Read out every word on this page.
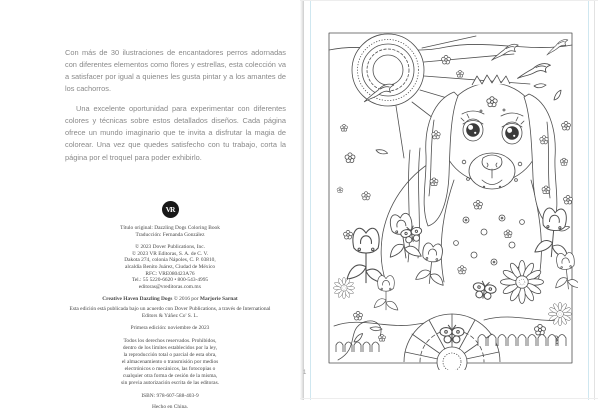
Con más de 30 ilustraciones de encantadores perros adornadas con diferentes elementos como flores y estrellas, esta colección va a satisfacer por igual a quienes les gusta pintar y a los amantes de los cachorros.

Una excelente oportunidad para experimentar con diferentes colores y técnicas sobre estos detallados diseños. Cada página ofrece un mundo imaginario que te invita a disfrutar la magia de colorear. Una vez que quedes satisfecho con tu trabajo, corta la página por el troquel para poder exhibirlo.

VR
Título original: Dazzling Dogs Coloring Book
Traducción: Fernanda González
© 2023 Dover Publications, Inc.
© 2023 VR Editoras, S. A. de C. V.
Dakota 274, colonia Nápoles, C. P. 03810,
alcaldía Benito Juárez, Ciudad de México
RFC: VRE080423A76
Tel.: 55 5220-6620 • 800-543-4995
editoras@vreditoras.com.mx
Creative Haven Dazzling Dogs © 2016 por Marjorie Sarnat
Esta edición está publicada bajo un acuerdo con Dover Publications, a través de International
Editors & Yáñez Co' S. L.
Primera edición: noviembre de 2023
Todos los derechos reservados. Prohibidos,
dentro de los límites establecidos por la ley,
la reproducción total o parcial de esta obra,
el almacenamiento o transmisión por medios
electrónicos o mecánicos, las fotocopias o
cualquier otra forma de cesión de la misma,
sin previa autorización escrita de las editoras.
ISBN: 978-607-588-403-9
Hecho en China.
1
